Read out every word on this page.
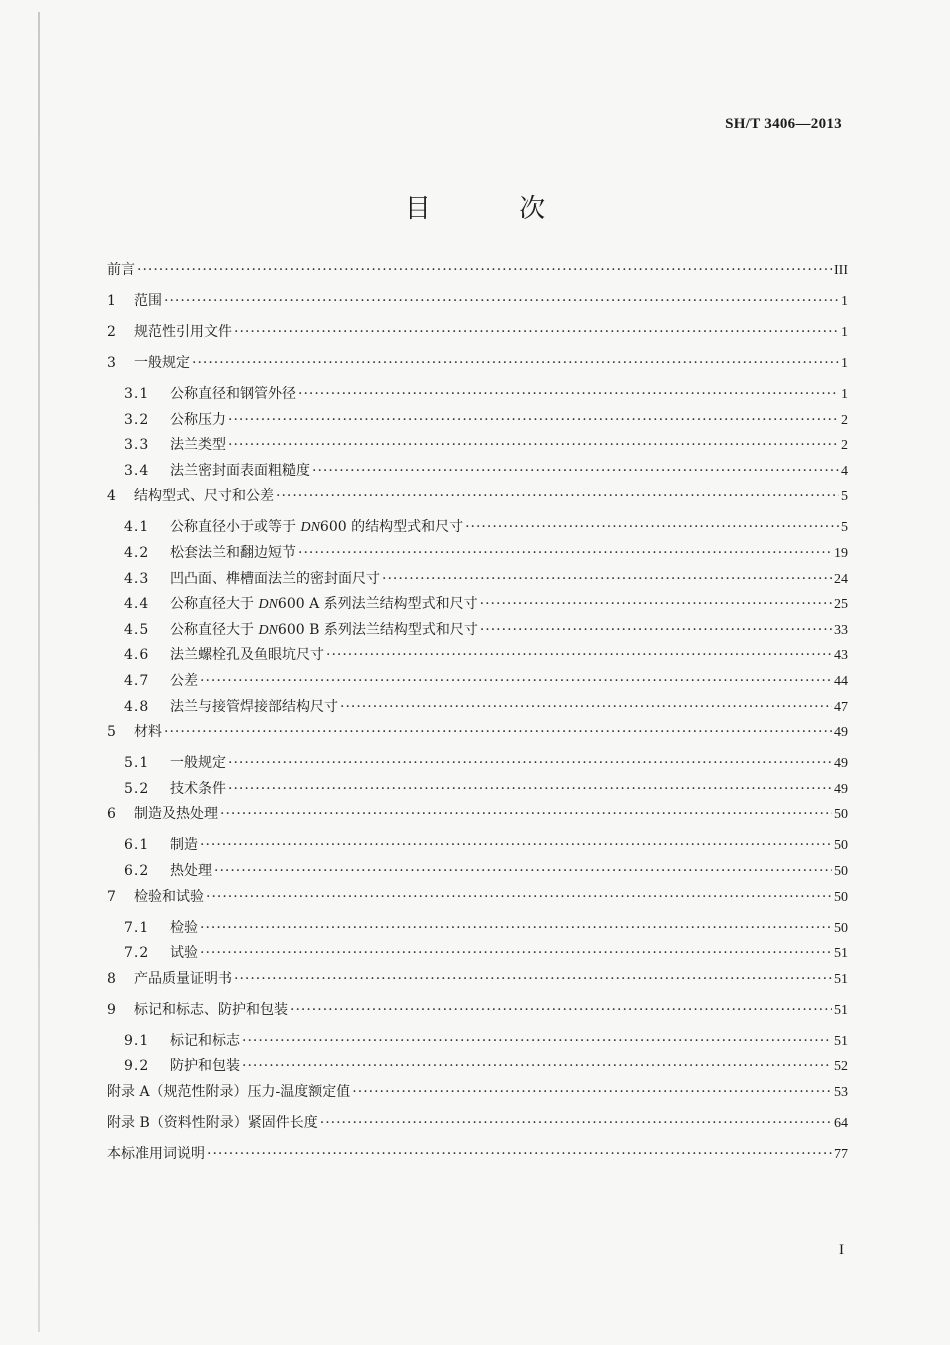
SH/T 3406—2013
目 次
前言 ·····	III
1	范围 ·····	1
2	规范性引用文件 ·····	1
3	一般规定 ·····	1
3.1	公称直径和钢管外径 ·····	1
3.2	公称压力 ·····	2
3.3	法兰类型 ·····	2
3.4	法兰密封面表面粗糙度 ·····	4
4	结构型式、尺寸和公差 ·····	5
4.1	公称直径小于或等于 DN600 的结构型式和尺寸 ·····	5
4.2	松套法兰和翻边短节 ·····	19
4.3	凹凸面、榫槽面法兰的密封面尺寸 ·····	24
4.4	公称直径大于 DN600 A 系列法兰结构型式和尺寸 ·····	25
4.5	公称直径大于 DN600 B 系列法兰结构型式和尺寸 ·····	33
4.6	法兰螺栓孔及鱼眼坑尺寸 ·····	43
4.7	公差 ·····	44
4.8	法兰与接管焊接部结构尺寸 ·····	47
5	材料 ·····	49
5.1	一般规定 ·····	49
5.2	技术条件 ·····	49
6	制造及热处理 ·····	50
6.1	制造 ·····	50
6.2	热处理 ·····	50
7	检验和试验 ·····	50
7.1	检验 ·····	50
7.2	试验 ·····	51
8	产品质量证明书 ·····	51
9	标记和标志、防护和包装 ·····	51
9.1	标记和标志 ·····	51
9.2	防护和包装 ·····	52
附录 A（规范性附录）压力-温度额定值 ·····	53
附录 B（资料性附录）紧固件长度 ·····	64
本标准用词说明 ·····	77
I
